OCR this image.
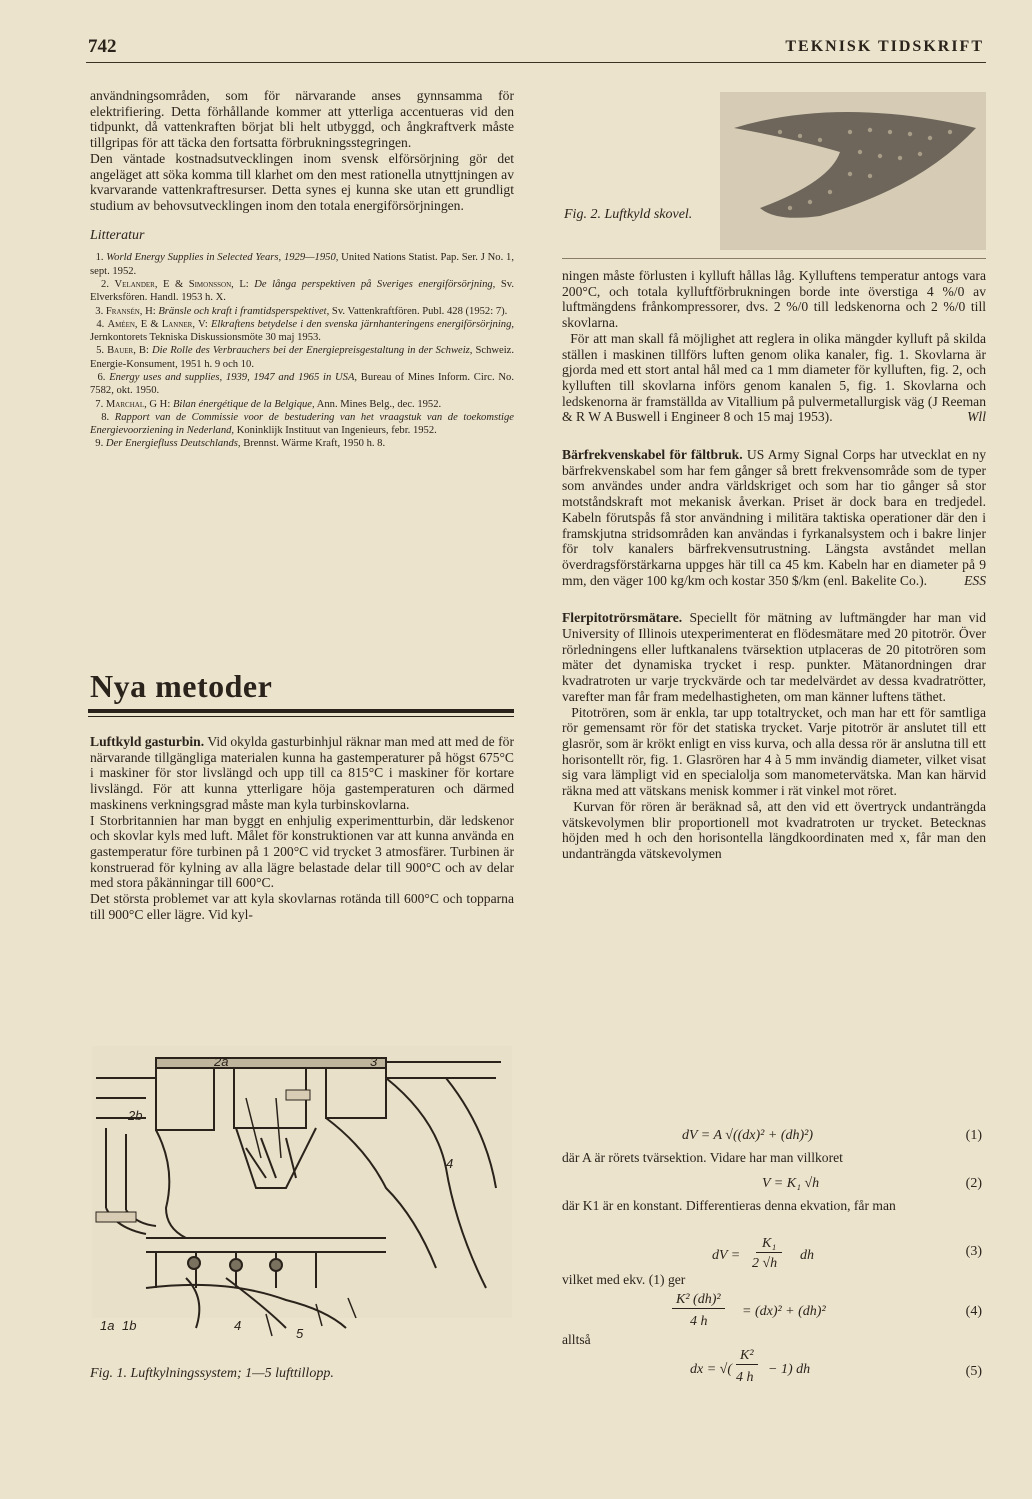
742	TEKNISK TIDSKRIFT

användningsområden, som för närvarande anses gynnsamma för elektrifiering. Detta förhållande kommer att ytterliga accentueras vid den tidpunkt, då vattenkraften börjat bli helt utbyggd, och ångkraftverk måste tillgripas för att täcka den fortsatta förbrukningsstegringen.

Den väntade kostnadsutvecklingen inom svensk elförsörjning gör det angeläget att söka komma till klarhet om den mest rationella utnyttjningen av kvarvarande vattenkraftresurser. Detta synes ej kunna ske utan ett grundligt studium av behovsutvecklingen inom den totala energiförsörjningen.

Litteratur

1. World Energy Supplies in Selected Years, 1929—1950, United Nations Statist. Pap. Ser. J No. 1, sept. 1952.

2. Velander, E & Simonsson, L: De långa perspektiven på Sveriges energiförsörjning, Sv. Elverksfören. Handl. 1953 h. X.

3. Fransén, H: Bränsle och kraft i framtidsperspektivet, Sv. Vattenkraftfören. Publ. 428 (1952: 7).

4. Améen, E & Lanner, V: Elkraftens betydelse i den svenska järnhanteringens energiförsörjning, Jernkontorets Tekniska Diskussionsmöte 30 maj 1953.

5. Bauer, B: Die Rolle des Verbrauchers bei der Energiepreisgestaltung in der Schweiz, Schweiz. Energie-Konsument, 1951 h. 9 och 10.

6. Energy uses and supplies, 1939, 1947 and 1965 in USA, Bureau of Mines Inform. Circ. No. 7582, okt. 1950.

7. Marchal, G H: Bilan énergétique de la Belgique, Ann. Mines Belg., dec. 1952.

8. Rapport van de Commissie voor de bestudering van het vraagstuk van de toekomstige Energievoorziening in Nederland, Koninklijk Instituut van Ingenieurs, febr. 1952.

9. Der Energiefluss Deutschlands, Brennst. Wärme Kraft, 1950 h. 8.

Nya metoder

Luftkyld gasturbin. Vid okylda gasturbinhjul räknar man med att med de för närvarande tillgängliga materialen kunna ha gastemperaturer på högst 675°C i maskiner för stor livslängd och upp till ca 815°C i maskiner för kortare livslängd. För att kunna ytterligare höja gastemperaturen och därmed maskinens verkningsgrad måste man kyla turbinskovlarna.

I Storbritannien har man byggt en enhjulig experimentturbin, där ledskenor och skovlar kyls med luft. Målet för konstruktionen var att kunna använda en gastemperatur före turbinen på 1 200°C vid trycket 3 atmosfärer. Turbinen är konstruerad för kylning av alla lägre belastade delar till 900°C och av delar med stora påkänningar till 600°C.

Det största problemet var att kyla skovlarnas rotända till 600°C och topparna till 900°C eller lägre. Vid kyl-

2a	3
2b
4
1a 1b	4
5
Fig. 1. Luftkylningssystem; 1—5 lufttillopp.
Fig. 2. Luftkyld skovel.

ningen måste förlusten i kylluft hållas låg. Kylluftens temperatur antogs vara 200°C, och totala kylluftförbrukningen borde inte överstiga 4 %/0 av luftmängdens frånkompressorer, dvs. 2 %/0 till ledskenorna och 2 %/0 till skovlarna.

För att man skall få möjlighet att reglera in olika mängder kylluft på skilda ställen i maskinen tillförs luften genom olika kanaler, fig. 1. Skovlarna är gjorda med ett stort antal hål med ca 1 mm diameter för kylluften, fig. 2, och kylluften till skovlarna införs genom kanalen 5, fig. 1. Skovlarna och ledskenorna är framställda av Vitallium på pulvermetallurgisk väg (J Reeman & R W A Buswell i Engineer 8 och 15 maj 1953).	Wll

Bärfrekvenskabel för fältbruk. US Army Signal Corps har utvecklat en ny bärfrekvenskabel som har fem gånger så brett frekvensområde som de typer som användes under andra världskriget och som har tio gånger så stor motståndskraft mot mekanisk åverkan. Priset är dock bara en tredjedel. Kabeln förutspås få stor användning i militära taktiska operationer där den i framskjutna stridsområden kan användas i fyrkanalsystem och i bakre linjer för tolv kanalers bärfrekvensutrustning. Längsta avståndet mellan överdragsförstärkarna uppges här till ca 45 km. Kabeln har en diameter på 9 mm, den väger 100 kg/km och kostar 350 $/km (enl. Bakelite Co.).	ESS

Flerpitotrörsmätare. Speciellt för mätning av luftmängder har man vid University of Illinois utexperimenterat en flödesmätare med 20 pitotrör. Över rörledningens eller luftkanalens tvärsektion utplaceras de 20 pitotrören som mäter det dynamiska trycket i resp. punkter. Mätanordningen drar kvadratroten ur varje tryckvärde och tar medelvärdet av dessa kvadratrötter, varefter man får fram medelhastigheten, om man känner luftens täthet.

Pitotrören, som är enkla, tar upp totaltrycket, och man har ett för samtliga rör gemensamt rör för det statiska trycket. Varje pitotrör är anslutet till ett glasrör, som är krökt enligt en viss kurva, och alla dessa rör är anslutna till ett horisontellt rör, fig. 1. Glasrören har 4 à 5 mm invändig diameter, vilket visat sig vara lämpligt vid en specialolja som manometervätska. Man kan härvid räkna med att vätskans menisk kommer i rät vinkel mot röret.

Kurvan för rören är beräknad så, att den vid ett övertryck undanträngda vätskevolymen blir proportionell mot kvadratroten ur trycket. Betecknas höjden med h och den horisontella längdkoordinaten med x, får man den undanträngda vätskevolymen

dV = A √((dx)² + (dh)²)	(1)
där A är rörets tvärsektion. Vidare har man villkoret
V = K₁ √h	(2)
där K1 är en konstant. Differentieras denna ekvation, får man
dV =
K₁
2 √h
dh	(3)
vilket med ekv. (1) ger
K² (dh)²
4 h
= (dx)² + (dh)²	(4)
alltså
dx = √(
K²
4 h
− 1) dh	(5)
